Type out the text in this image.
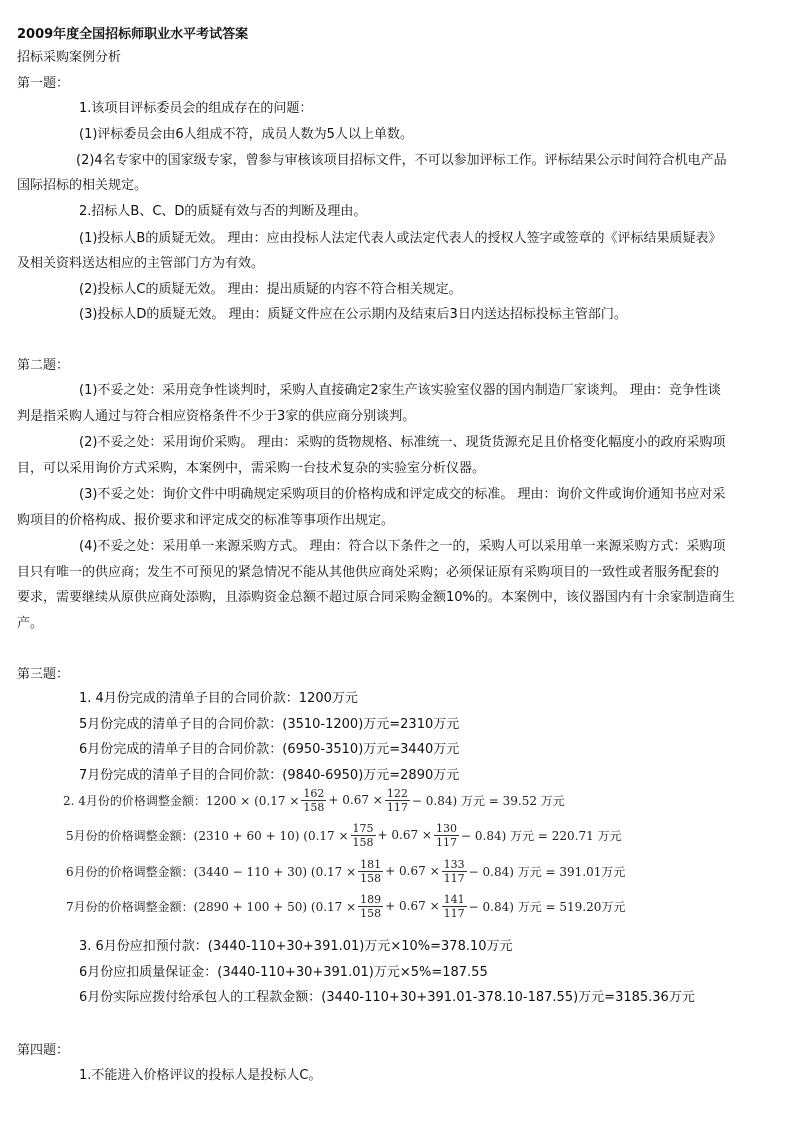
2009年度全国招标师职业水平考试答案
招标采购案例分析
第一题：
1.该项目评标委员会的组成存在的问题：
(1)评标委员会由6人组成不符，成员人数为5人以上单数。
(2)4名专家中的国家级专家，曾参与审核该项目招标文件，不可以参加评标工作。评标结果公示时间符合机电产品
国际招标的相关规定。
2.招标人B、C、D的质疑有效与否的判断及理由。
(1)投标人B的质疑无效。 理由：应由投标人法定代表人或法定代表人的授权人签字或签章的《评标结果质疑表》
及相关资料送达相应的主管部门方为有效。
(2)投标人C的质疑无效。 理由：提出质疑的内容不符合相关规定。
(3)投标人D的质疑无效。 理由：质疑文件应在公示期内及结束后3日内送达招标投标主管部门。
第二题：
(1)不妥之处：采用竞争性谈判时，采购人直接确定2家生产该实验室仪器的国内制造厂家谈判。 理由：竞争性谈
判是指采购人通过与符合相应资格条件不少于3家的供应商分别谈判。
(2)不妥之处：采用询价采购。 理由：采购的货物规格、标准统一、现货货源充足且价格变化幅度小的政府采购项
目，可以采用询价方式采购，本案例中，需采购一台技术复杂的实验室分析仪器。
(3)不妥之处：询价文件中明确规定采购项目的价格构成和评定成交的标准。 理由：询价文件或询价通知书应对采
购项目的价格构成、报价要求和评定成交的标准等事项作出规定。
(4)不妥之处：采用单一来源采购方式。 理由：符合以下条件之一的，采购人可以采用单一来源采购方式：采购项
目只有唯一的供应商；发生不可预见的紧急情况不能从其他供应商处采购；必须保证原有采购项目的一致性或者服务配套的
要求，需要继续从原供应商处添购，且添购资金总额不超过原合同采购金额10%的。本案例中，该仪器国内有十余家制造商生
产。
第三题：
1. 4月份完成的清单子目的合同价款：1200万元
5月份完成的清单子目的合同价款：(3510-1200)万元=2310万元
6月份完成的清单子目的合同价款：(6950-3510)万元=3440万元
7月份完成的清单子目的合同价款：(9840-6950)万元=2890万元
2. 4月份的价格调整金额：$1200 \times (0.17 \times \frac{162}{158} + 0.67 \times \frac{122}{117} - 0.84)$ 万元 = 39.52 万元
5月份的价格调整金额：(2310 + 60 + 10) $(0.17 \times \frac{175}{158} + 0.67 \times \frac{130}{117} - 0.84)$ 万元 = 220.71 万元
6月份的价格调整金额：(3440 − 110 + 30) $(0.17 \times \frac{181}{158} + 0.67 \times \frac{133}{117} - 0.84)$ 万元 = 391.01万元
7月份的价格调整金额：(2890 + 100 + 50) $(0.17 \times \frac{189}{158} + 0.67 \times \frac{141}{117} - 0.84)$ 万元 = 519.20万元
3. 6月份应扣预付款：(3440-110+30+391.01)万元×10%=378.10万元
6月份应扣质量保证金：(3440-110+30+391.01)万元×5%=187.55
6月份实际应拨付给承包人的工程款金额：(3440-110+30+391.01-378.10-187.55)万元=3185.36万元
第四题：
1.不能进入价格评议的投标人是投标人C。
